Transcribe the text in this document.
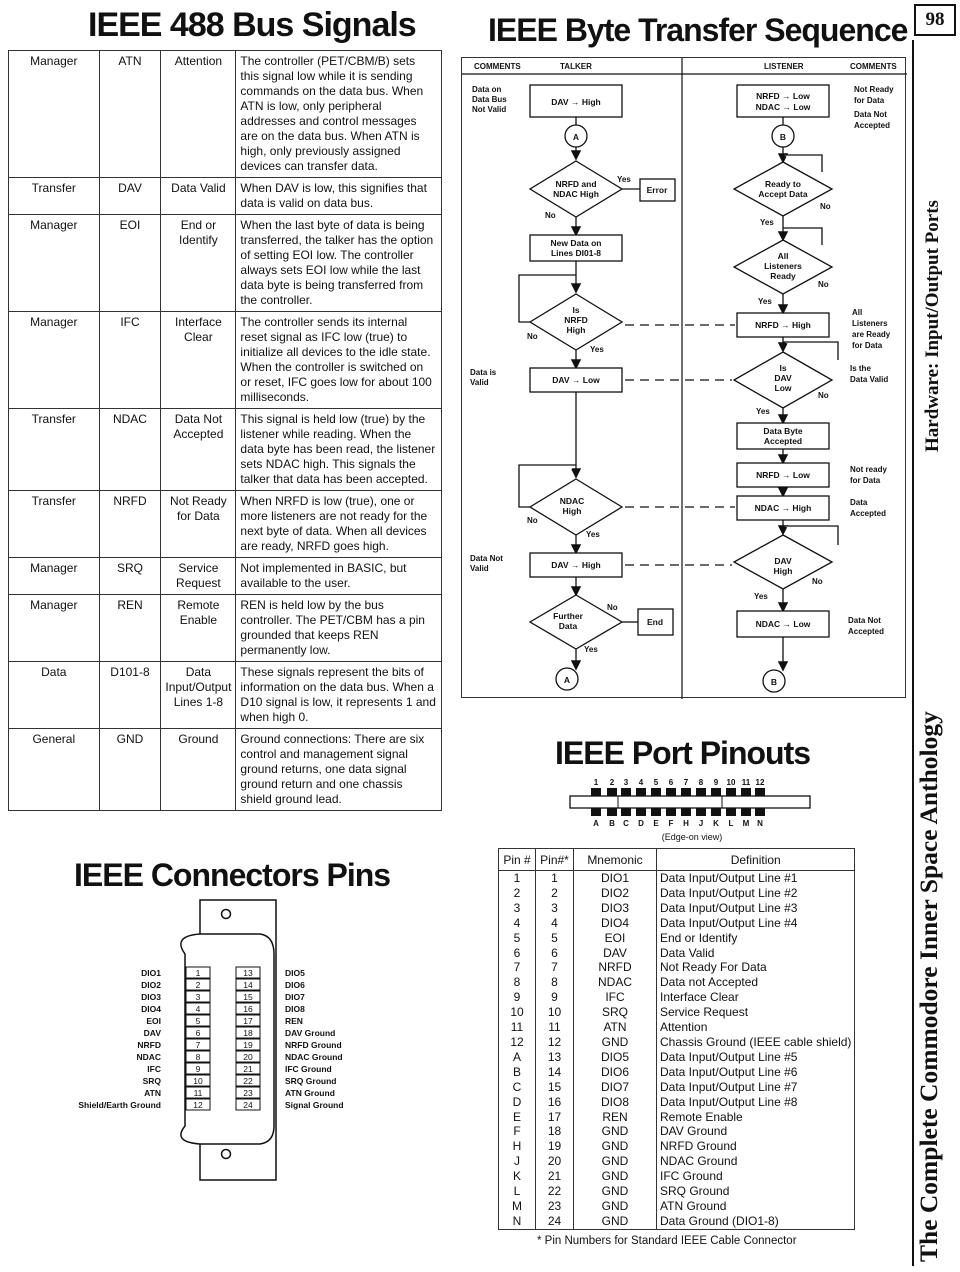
IEEE 488 Bus Signals IEEE Byte Transfer Sequence
IEEE Port Pinouts
IEEE Connectors Pins
Manager	ATN	Attention	The controller (PET/CBM/B) sets this signal low while it is sending commands on the data bus. When ATN is low, only peripheral addresses and control messages are on the data bus. When ATN is high, only previously assigned devices can transfer data.
Transfer	DAV	Data Valid	When DAV is low, this signifies that data is valid on data bus.
Manager	EOI	End or Identify	When the last byte of data is being transferred, the talker has the option of setting EOI low. The controller always sets EOI low while the last data byte is being transferred from the controller.
Manager	IFC	Interface Clear	The controller sends its internal reset signal as IFC low (true) to initialize all devices to the idle state. When the controller is switched on or reset, IFC goes low for about 100 milliseconds.
Transfer	NDAC	Data Not Accepted	This signal is held low (true) by the listener while reading. When the data byte has been read, the listener sets NDAC high. This signals the talker that data has been accepted.
Transfer	NRFD	Not Ready for Data	When NRFD is low (true), one or more listeners are not ready for the next byte of data. When all devices are ready, NRFD goes high.
Manager	SRQ	Service Request	Not implemented in BASIC, but available to the user.
Manager	REN	Remote Enable	REN is held low by the bus controller. The PET/CBM has a pin grounded that keeps REN permanently low.
Data	D101-8	Data Input/Output Lines 1-8	These signals represent the bits of information on the data bus. When a D10 signal is low, it represents 1 and when high 0.
General	GND	Ground	Ground connections: There are six control and management signal ground returns, one data signal ground return and one chassis shield ground lead.
COMMENTS	TALKER	LISTENER	COMMENTS
DAV → High
A
NRFD and
NDAC High	Error
New Data on
Lines DI01-8
Is
NRFD
High
DAV → Low
NDAC
High
DAV → High
Further
Data	End
A
Yes
No
No
Yes
No
Yes
No
Yes
NRFD → Low
NDAC → Low
B
Ready to
Accept Data
All
Listeners
Ready
NRFD → High
Is
DAV
Low
Data Byte
Accepted
NRFD → Low
NDAC → High
DAV
High
NDAC → Low
B
No
Yes
No
Yes
No
Yes
No
Yes
Data on
Data Bus
Not Valid
Data is
Valid
Data Not
Valid
Not Ready
for Data
Data Not
Accepted
All
Listeners
are Ready
for Data
Is the
Data Valid
Not ready
for Data
Data
Accepted
Data Not
Accepted
1
2
3
4
5
6
7
8
9
10
11
12
13
14
15
16
17
18
19
20
21
22
23
24
DIO1
DIO2
DIO3
DIO4
EOI
DAV
NRFD
NDAC
IFC
SRQ
ATN
Shield/Earth Ground
DIO5
DIO6
DIO7
DIO8
REN
DAV Ground
NRFD Ground
NDAC Ground
IFC Ground
SRQ Ground
ATN Ground
Signal Ground
1 2 3 4 5 6 7 8 9 10 11 12
A B C D E F H J K L M N
(Edge-on view)
Pin #	Pin#*	Mnemonic	Definition
1	1	DIO1	Data Input/Output Line #1
2	2	DIO2	Data Input/Output Line #2
3	3	DIO3	Data Input/Output Line #3
4	4	DIO4	Data Input/Output Line #4
5	5	EOI	End or Identify
6	6	DAV	Data Valid
7	7	NRFD	Not Ready For Data
8	8	NDAC	Data not Accepted
9	9	IFC	Interface Clear
10	10	SRQ	Service Request
11	11	ATN	Attention
12	12	GND	Chassis Ground (IEEE cable shield)
A	13	DIO5	Data Input/Output Line #5
B	14	DIO6	Data Input/Output Line #6
C	15	DIO7	Data Input/Output Line #7
D	16	DIO8	Data Input/Output Line #8
E	17	REN	Remote Enable
F	18	GND	DAV Ground
H	19	GND	NRFD Ground
J	20	GND	NDAC Ground
K	21	GND	IFC Ground
L	22	GND	SRQ Ground
M	23	GND	ATN Ground
N	24	GND	Data Ground (DIO1-8)
* Pin Numbers for Standard IEEE Cable Connector
98
Hardware: Input/Output Ports
The Complete Commodore Inner Space Anthology
